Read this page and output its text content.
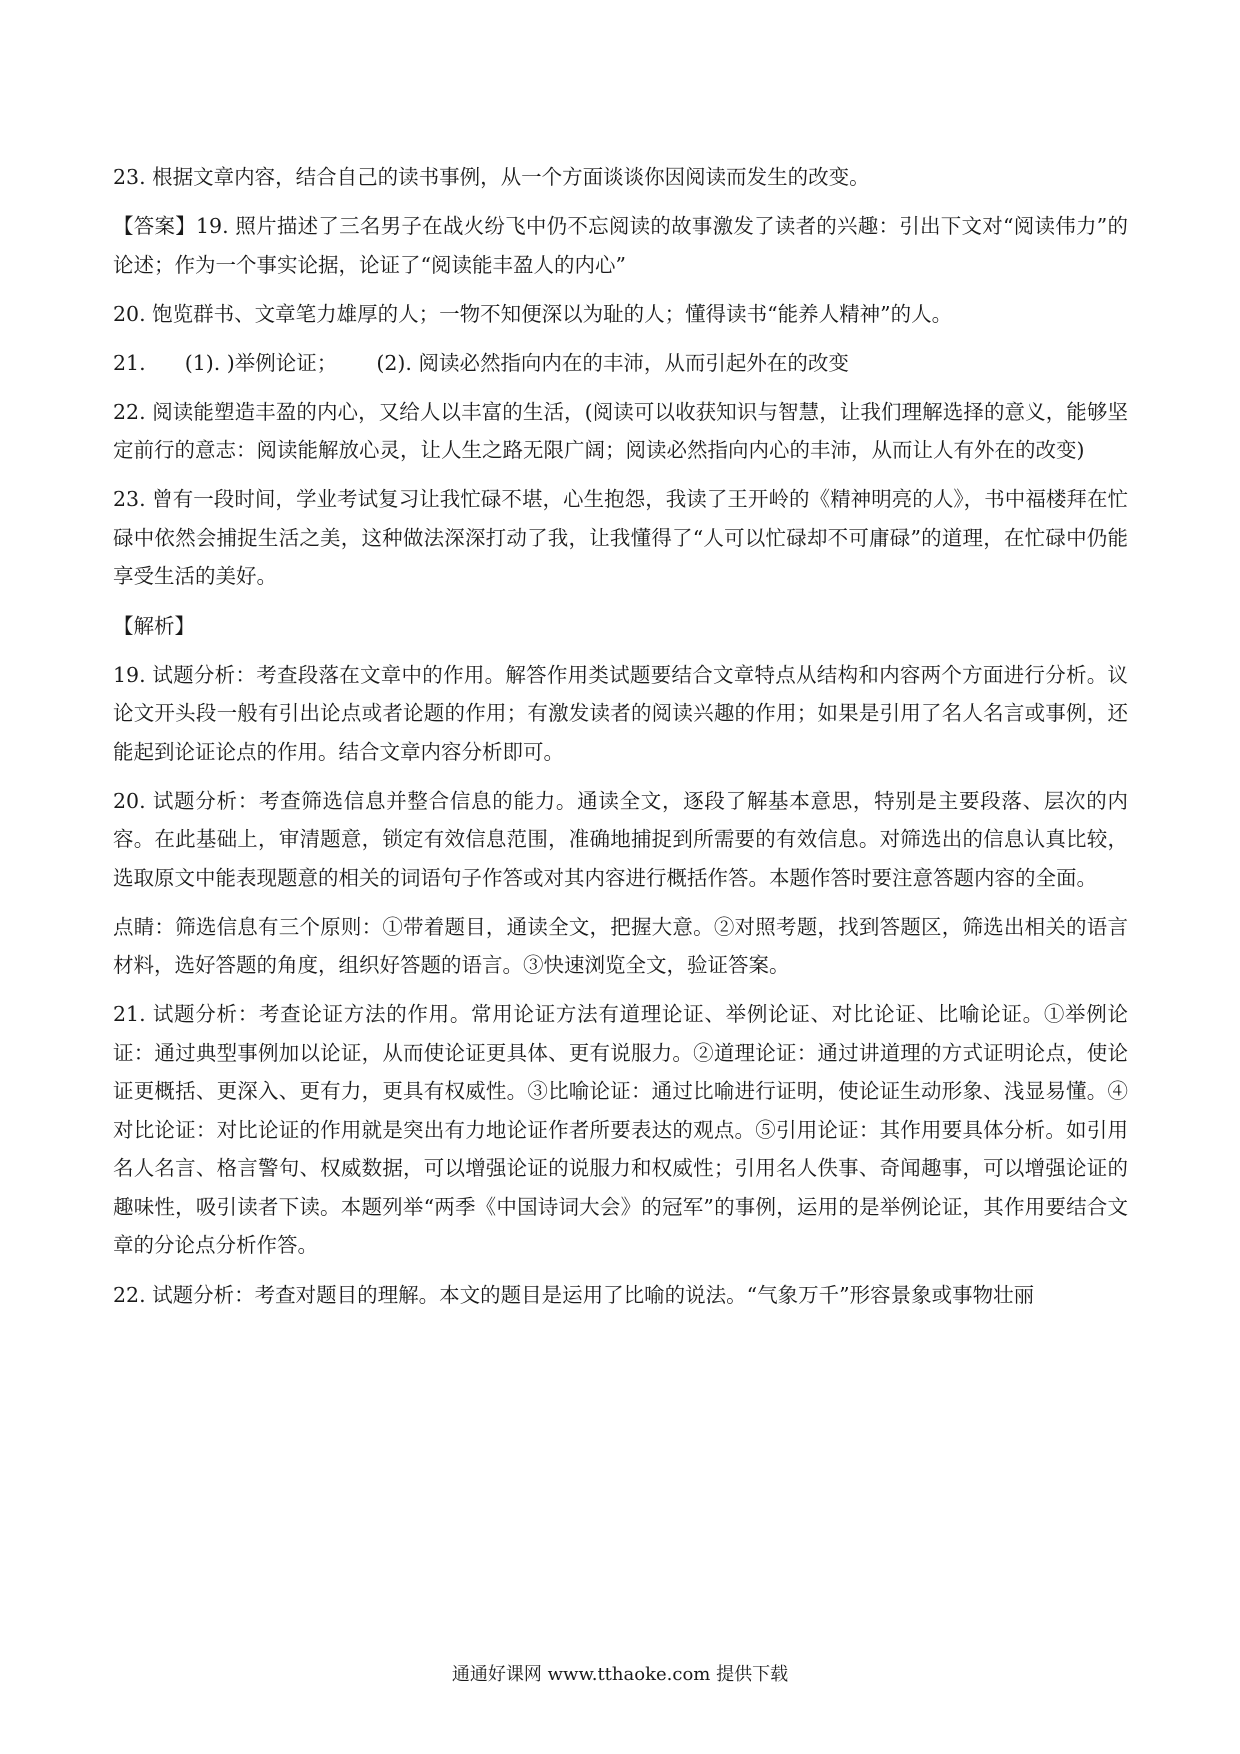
23. 根据文章内容，结合自己的读书事例，从一个方面谈谈你因阅读而发生的改变。

【答案】19. 照片描述了三名男子在战火纷飞中仍不忘阅读的故事激发了读者的兴趣：引出下文对“阅读伟力”的论述；作为一个事实论据，论证了“阅读能丰盈人的内心”

20. 饱览群书、文章笔力雄厚的人；一物不知便深以为耻的人；懂得读书“能养人精神”的人。

21.      (1). )举例论证；      (2). 阅读必然指向内在的丰沛，从而引起外在的改变

22. 阅读能塑造丰盈的内心，又给人以丰富的生活，(阅读可以收获知识与智慧，让我们理解选择的意义，能够坚定前行的意志：阅读能解放心灵，让人生之路无限广阔；阅读必然指向内心的丰沛，从而让人有外在的改变)

23. 曾有一段时间，学业考试复习让我忙碌不堪，心生抱怨，我读了王开岭的《精神明亮的人》，书中福楼拜在忙碌中依然会捕捉生活之美，这种做法深深打动了我，让我懂得了“人可以忙碌却不可庸碌”的道理，在忙碌中仍能享受生活的美好。

【解析】

19. 试题分析：考查段落在文章中的作用。解答作用类试题要结合文章特点从结构和内容两个方面进行分析。议论文开头段一般有引出论点或者论题的作用；有激发读者的阅读兴趣的作用；如果是引用了名人名言或事例，还能起到论证论点的作用。结合文章内容分析即可。

20. 试题分析：考查筛选信息并整合信息的能力。通读全文，逐段了解基本意思，特别是主要段落、层次的内容。在此基础上，审清题意，锁定有效信息范围，准确地捕捉到所需要的有效信息。对筛选出的信息认真比较，选取原文中能表现题意的相关的词语句子作答或对其内容进行概括作答。本题作答时要注意答题内容的全面。

点睛：筛选信息有三个原则：①带着题目，通读全文，把握大意。②对照考题，找到答题区，筛选出相关的语言材料，选好答题的角度，组织好答题的语言。③快速浏览全文，验证答案。

21. 试题分析：考查论证方法的作用。常用论证方法有道理论证、举例论证、对比论证、比喻论证。①举例论证：通过典型事例加以论证，从而使论证更具体、更有说服力。②道理论证：通过讲道理的方式证明论点，使论证更概括、更深入、更有力，更具有权威性。③比喻论证：通过比喻进行证明，使论证生动形象、浅显易懂。④对比论证：对比论证的作用就是突出有力地论证作者所要表达的观点。⑤引用论证：其作用要具体分析。如引用名人名言、格言警句、权威数据，可以增强论证的说服力和权威性；引用名人佚事、奇闻趣事，可以增强论证的趣味性，吸引读者下读。本题列举“两季《中国诗词大会》的冠军”的事例，运用的是举例论证，其作用要结合文章的分论点分析作答。

22. 试题分析：考查对题目的理解。本文的题目是运用了比喻的说法。“气象万千”形容景象或事物壮丽

通通好课网 www.tthaoke.com 提供下载
